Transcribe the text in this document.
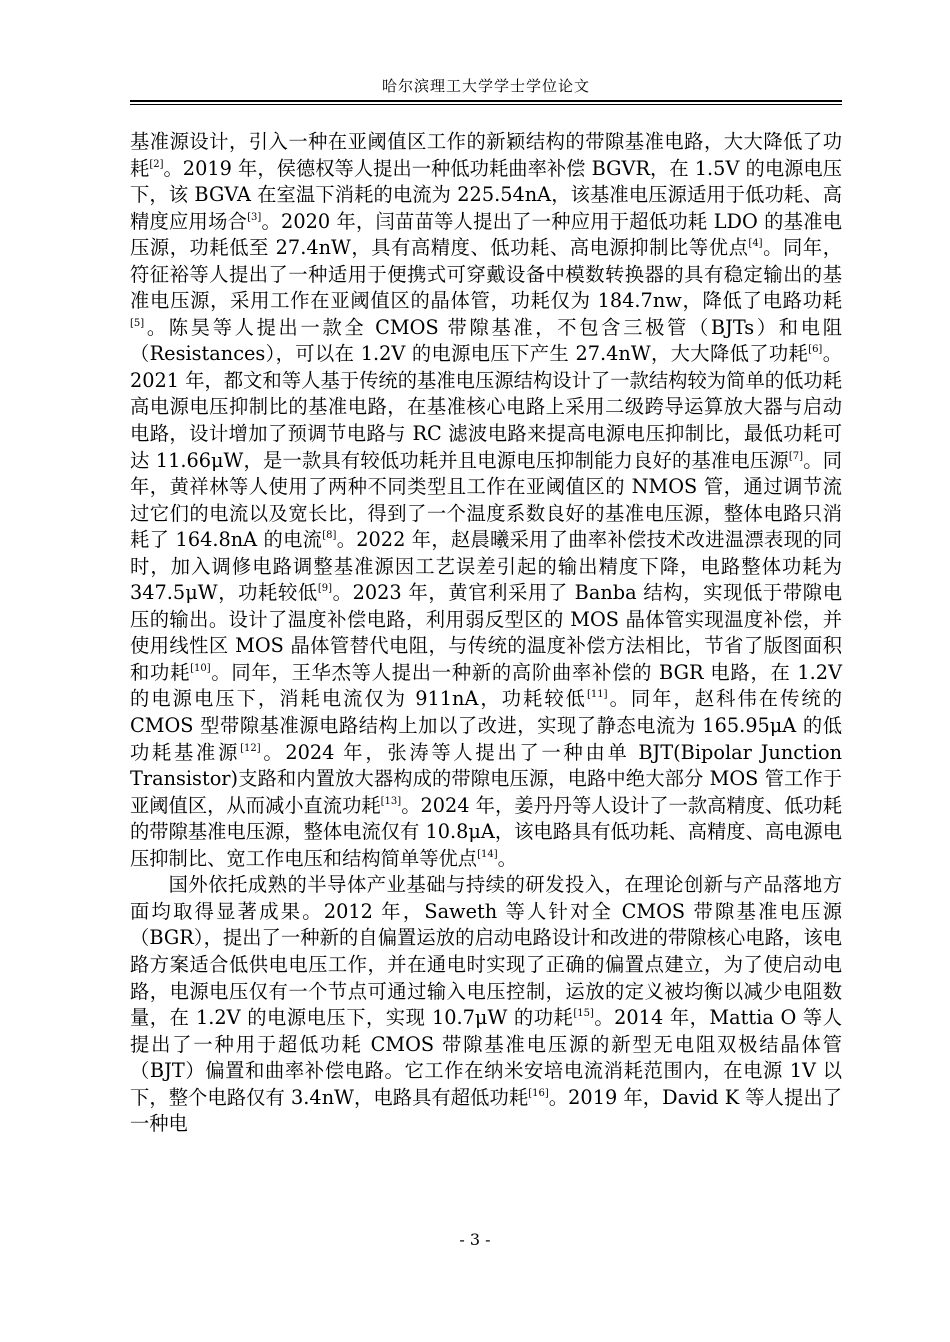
哈尔滨理工大学学士学位论文

基准源设计，引入一种在亚阈值区工作的新颖结构的带隙基准电路，大大降低了功耗[2]。2019 年，侯德权等人提出一种低功耗曲率补偿 BGVR，在 1.5V 的电源电压下，该 BGVA 在室温下消耗的电流为 225.54nA，该基准电压源适用于低功耗、高精度应用场合[3]。2020 年，闫苗苗等人提出了一种应用于超低功耗 LDO 的基准电压源，功耗低至 27.4nW，具有高精度、低功耗、高电源抑制比等优点[4]。同年，符征裕等人提出了一种适用于便携式可穿戴设备中模数转换器的具有稳定输出的基准电压源，采用工作在亚阈值区的晶体管，功耗仅为 184.7nw，降低了电路功耗[5]。陈昊等人提出一款全 CMOS 带隙基准，不包含三极管（BJTs）和电阻（Resistances），可以在 1.2V 的电源电压下产生 27.4nW，大大降低了功耗[6]。2021 年，都文和等人基于传统的基准电压源结构设计了一款结构较为简单的低功耗高电源电压抑制比的基准电路，在基准核心电路上采用二级跨导运算放大器与启动电路，设计增加了预调节电路与 RC 滤波电路来提高电源电压抑制比，最低功耗可达 11.66μW，是一款具有较低功耗并且电源电压抑制能力良好的基准电压源[7]。同年，黄祥林等人使用了两种不同类型且工作在亚阈值区的 NMOS 管，通过调节流过它们的电流以及宽长比，得到了一个温度系数良好的基准电压源，整体电路只消耗了 164.8nA 的电流[8]。2022 年，赵晨曦采用了曲率补偿技术改进温漂表现的同时，加入调修电路调整基准源因工艺误差引起的输出精度下降，电路整体功耗为 347.5μW，功耗较低[9]。2023 年，黄官利采用了 Banba 结构，实现低于带隙电压的输出。设计了温度补偿电路，利用弱反型区的 MOS 晶体管实现温度补偿，并使用线性区 MOS 晶体管替代电阻，与传统的温度补偿方法相比，节省了版图面积和功耗[10]。同年，王华杰等人提出一种新的高阶曲率补偿的 BGR 电路，在 1.2V 的电源电压下，消耗电流仅为 911nA，功耗较低[11]。同年，赵科伟在传统的 CMOS 型带隙基准源电路结构上加以了改进，实现了静态电流为 165.95μA 的低功耗基准源[12]。2024 年，张涛等人提出了一种由单 BJT(Bipolar Junction Transistor)支路和内置放大器构成的带隙电压源，电路中绝大部分 MOS 管工作于亚阈值区，从而减小直流功耗[13]。2024 年，姜丹丹等人设计了一款高精度、低功耗的带隙基准电压源，整体电流仅有 10.8μA，该电路具有低功耗、高精度、高电源电压抑制比、宽工作电压和结构简单等优点[14]。

国外依托成熟的半导体产业基础与持续的研发投入，在理论创新与产品落地方面均取得显著成果。2012 年，Saweth 等人针对全 CMOS 带隙基准电压源（BGR），提出了一种新的自偏置运放的启动电路设计和改进的带隙核心电路，该电路方案适合低供电电压工作，并在通电时实现了正确的偏置点建立，为了使启动电路，电源电压仅有一个节点可通过输入电压控制，运放的定义被均衡以减少电阻数量，在 1.2V 的电源电压下，实现 10.7μW 的功耗[15]。2014 年，Mattia O 等人提出了一种用于超低功耗 CMOS 带隙基准电压源的新型无电阻双极结晶体管（BJT）偏置和曲率补偿电路。它工作在纳米安培电流消耗范围内，在电源 1V 以下，整个电路仅有 3.4nW，电路具有超低功耗[16]。2019 年，David K 等人提出了一种电

- 3 -
